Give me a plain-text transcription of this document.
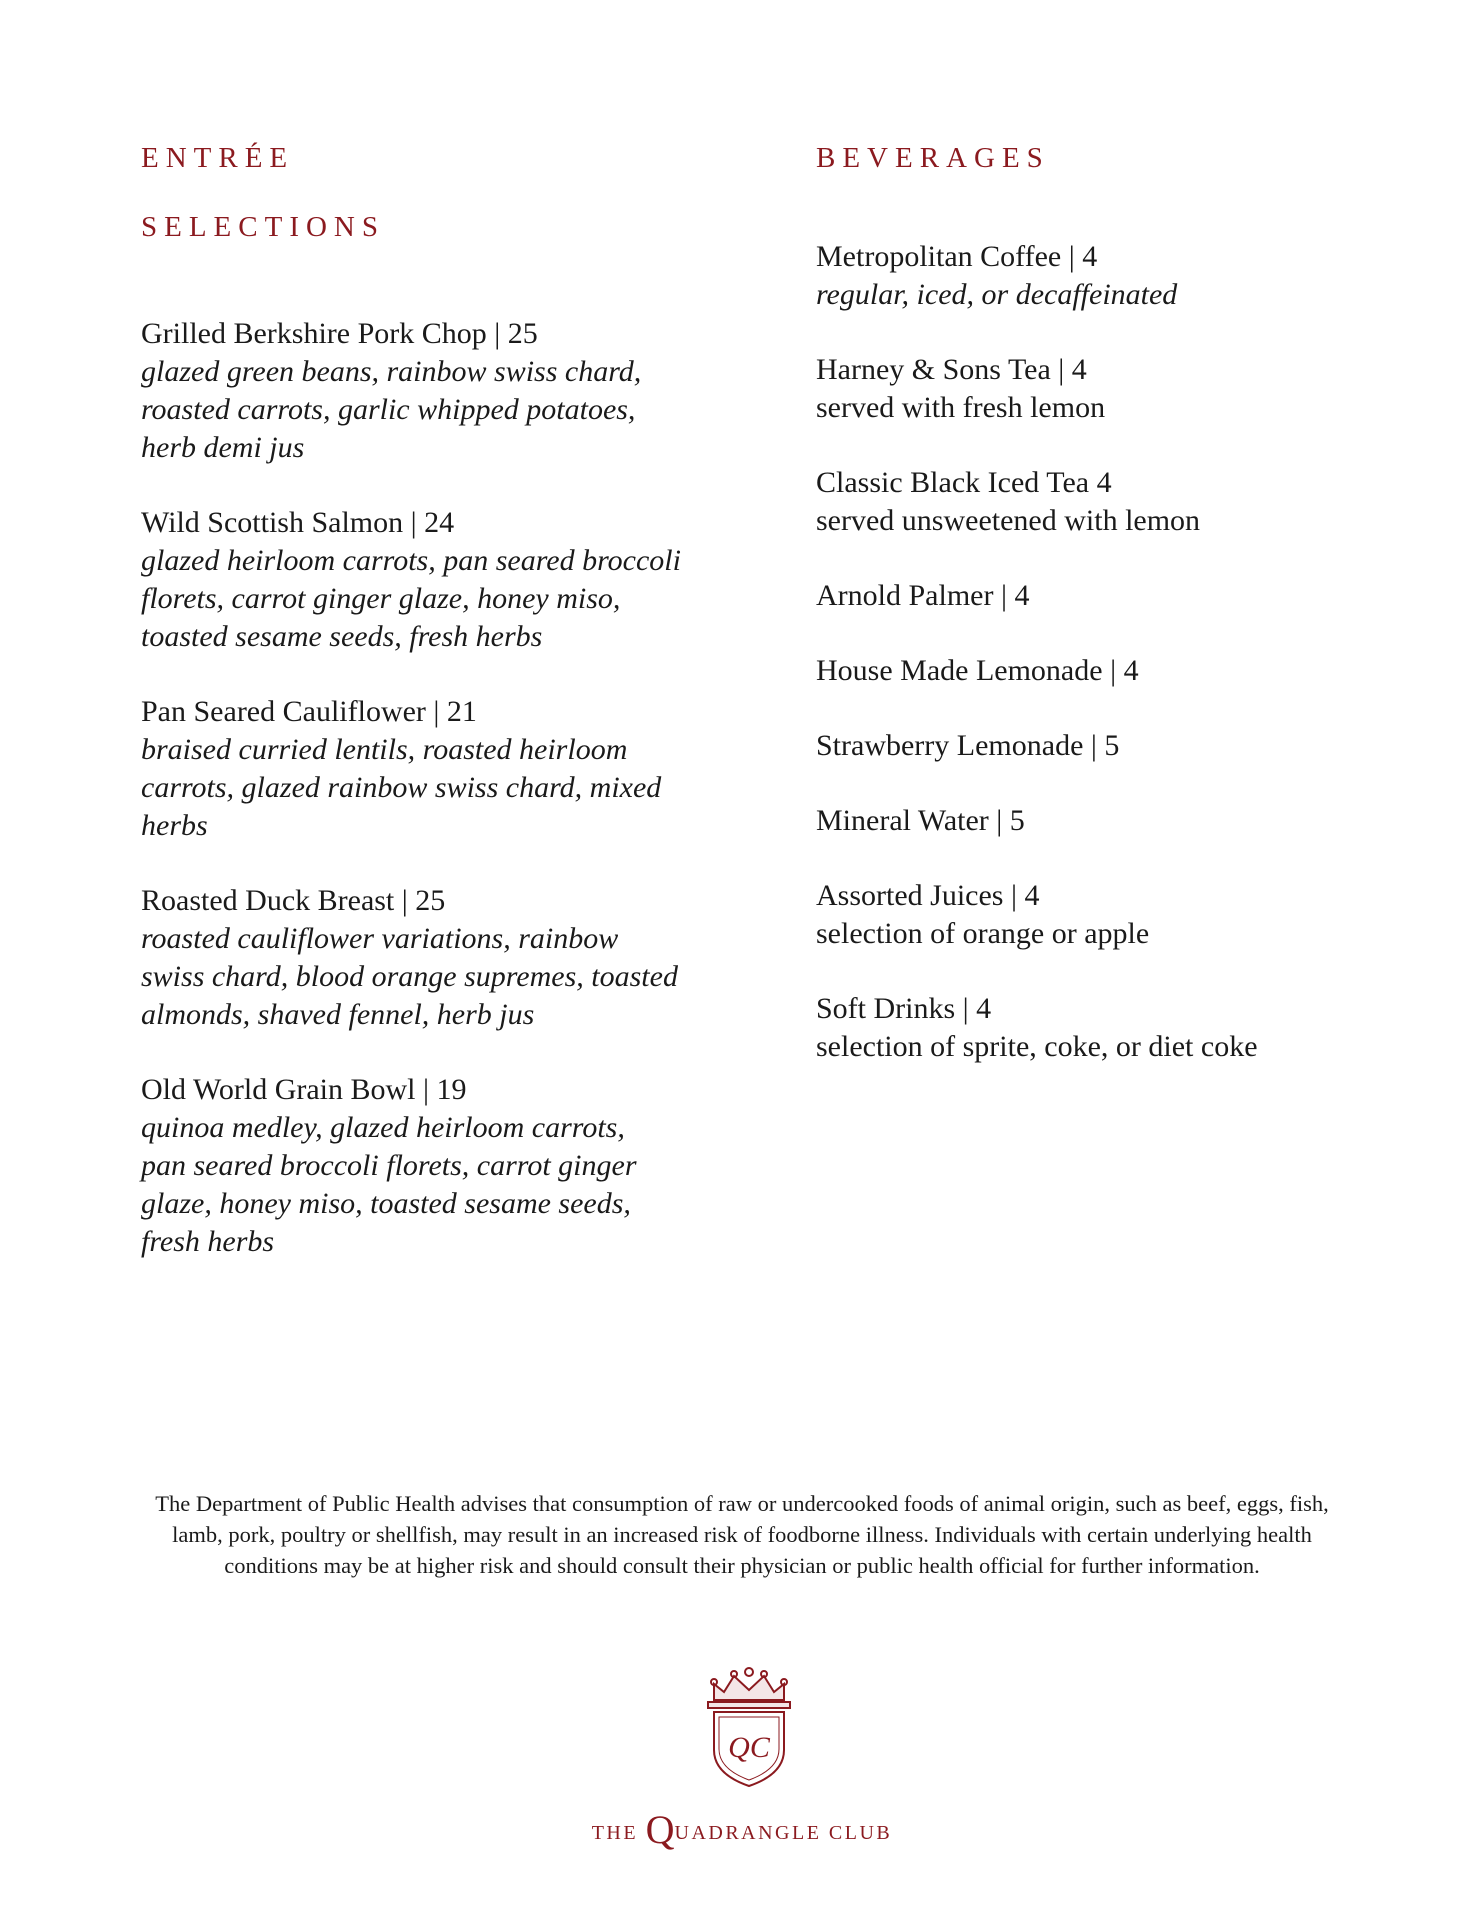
ENTRÉE
SELECTIONS
BEVERAGES
Grilled Berkshire Pork Chop | 25
glazed green beans, rainbow swiss chard,
roasted carrots, garlic whipped potatoes,
herb demi jus
Wild Scottish Salmon | 24
glazed heirloom carrots, pan seared broccoli
florets, carrot ginger glaze, honey miso,
toasted sesame seeds, fresh herbs
Pan Seared Cauliflower | 21
braised curried lentils, roasted heirloom
carrots, glazed rainbow swiss chard, mixed
herbs
Roasted Duck Breast | 25
roasted cauliflower variations, rainbow
swiss chard, blood orange supremes, toasted
almonds, shaved fennel, herb jus
Old World Grain Bowl | 19
quinoa medley, glazed heirloom carrots,
pan seared broccoli florets, carrot ginger
glaze, honey miso, toasted sesame seeds,
fresh herbs
Metropolitan Coffee | 4
regular, iced, or decaffeinated
Harney & Sons Tea | 4
served with fresh lemon
Classic Black Iced Tea 4
served unsweetened with lemon
Arnold Palmer | 4
House Made Lemonade | 4
Strawberry Lemonade | 5
Mineral Water | 5
Assorted Juices | 4
selection of orange or apple
Soft Drinks | 4
selection of sprite, coke, or diet coke
The Department of Public Health advises that consumption of raw or undercooked foods of animal origin, such as beef, eggs, fish,
lamb, pork, poultry or shellfish, may result in an increased risk of foodborne illness. Individuals with certain underlying health
conditions may be at higher risk and should consult their physician or public health official for further information.
QC
THE QUADRANGLE CLUB
